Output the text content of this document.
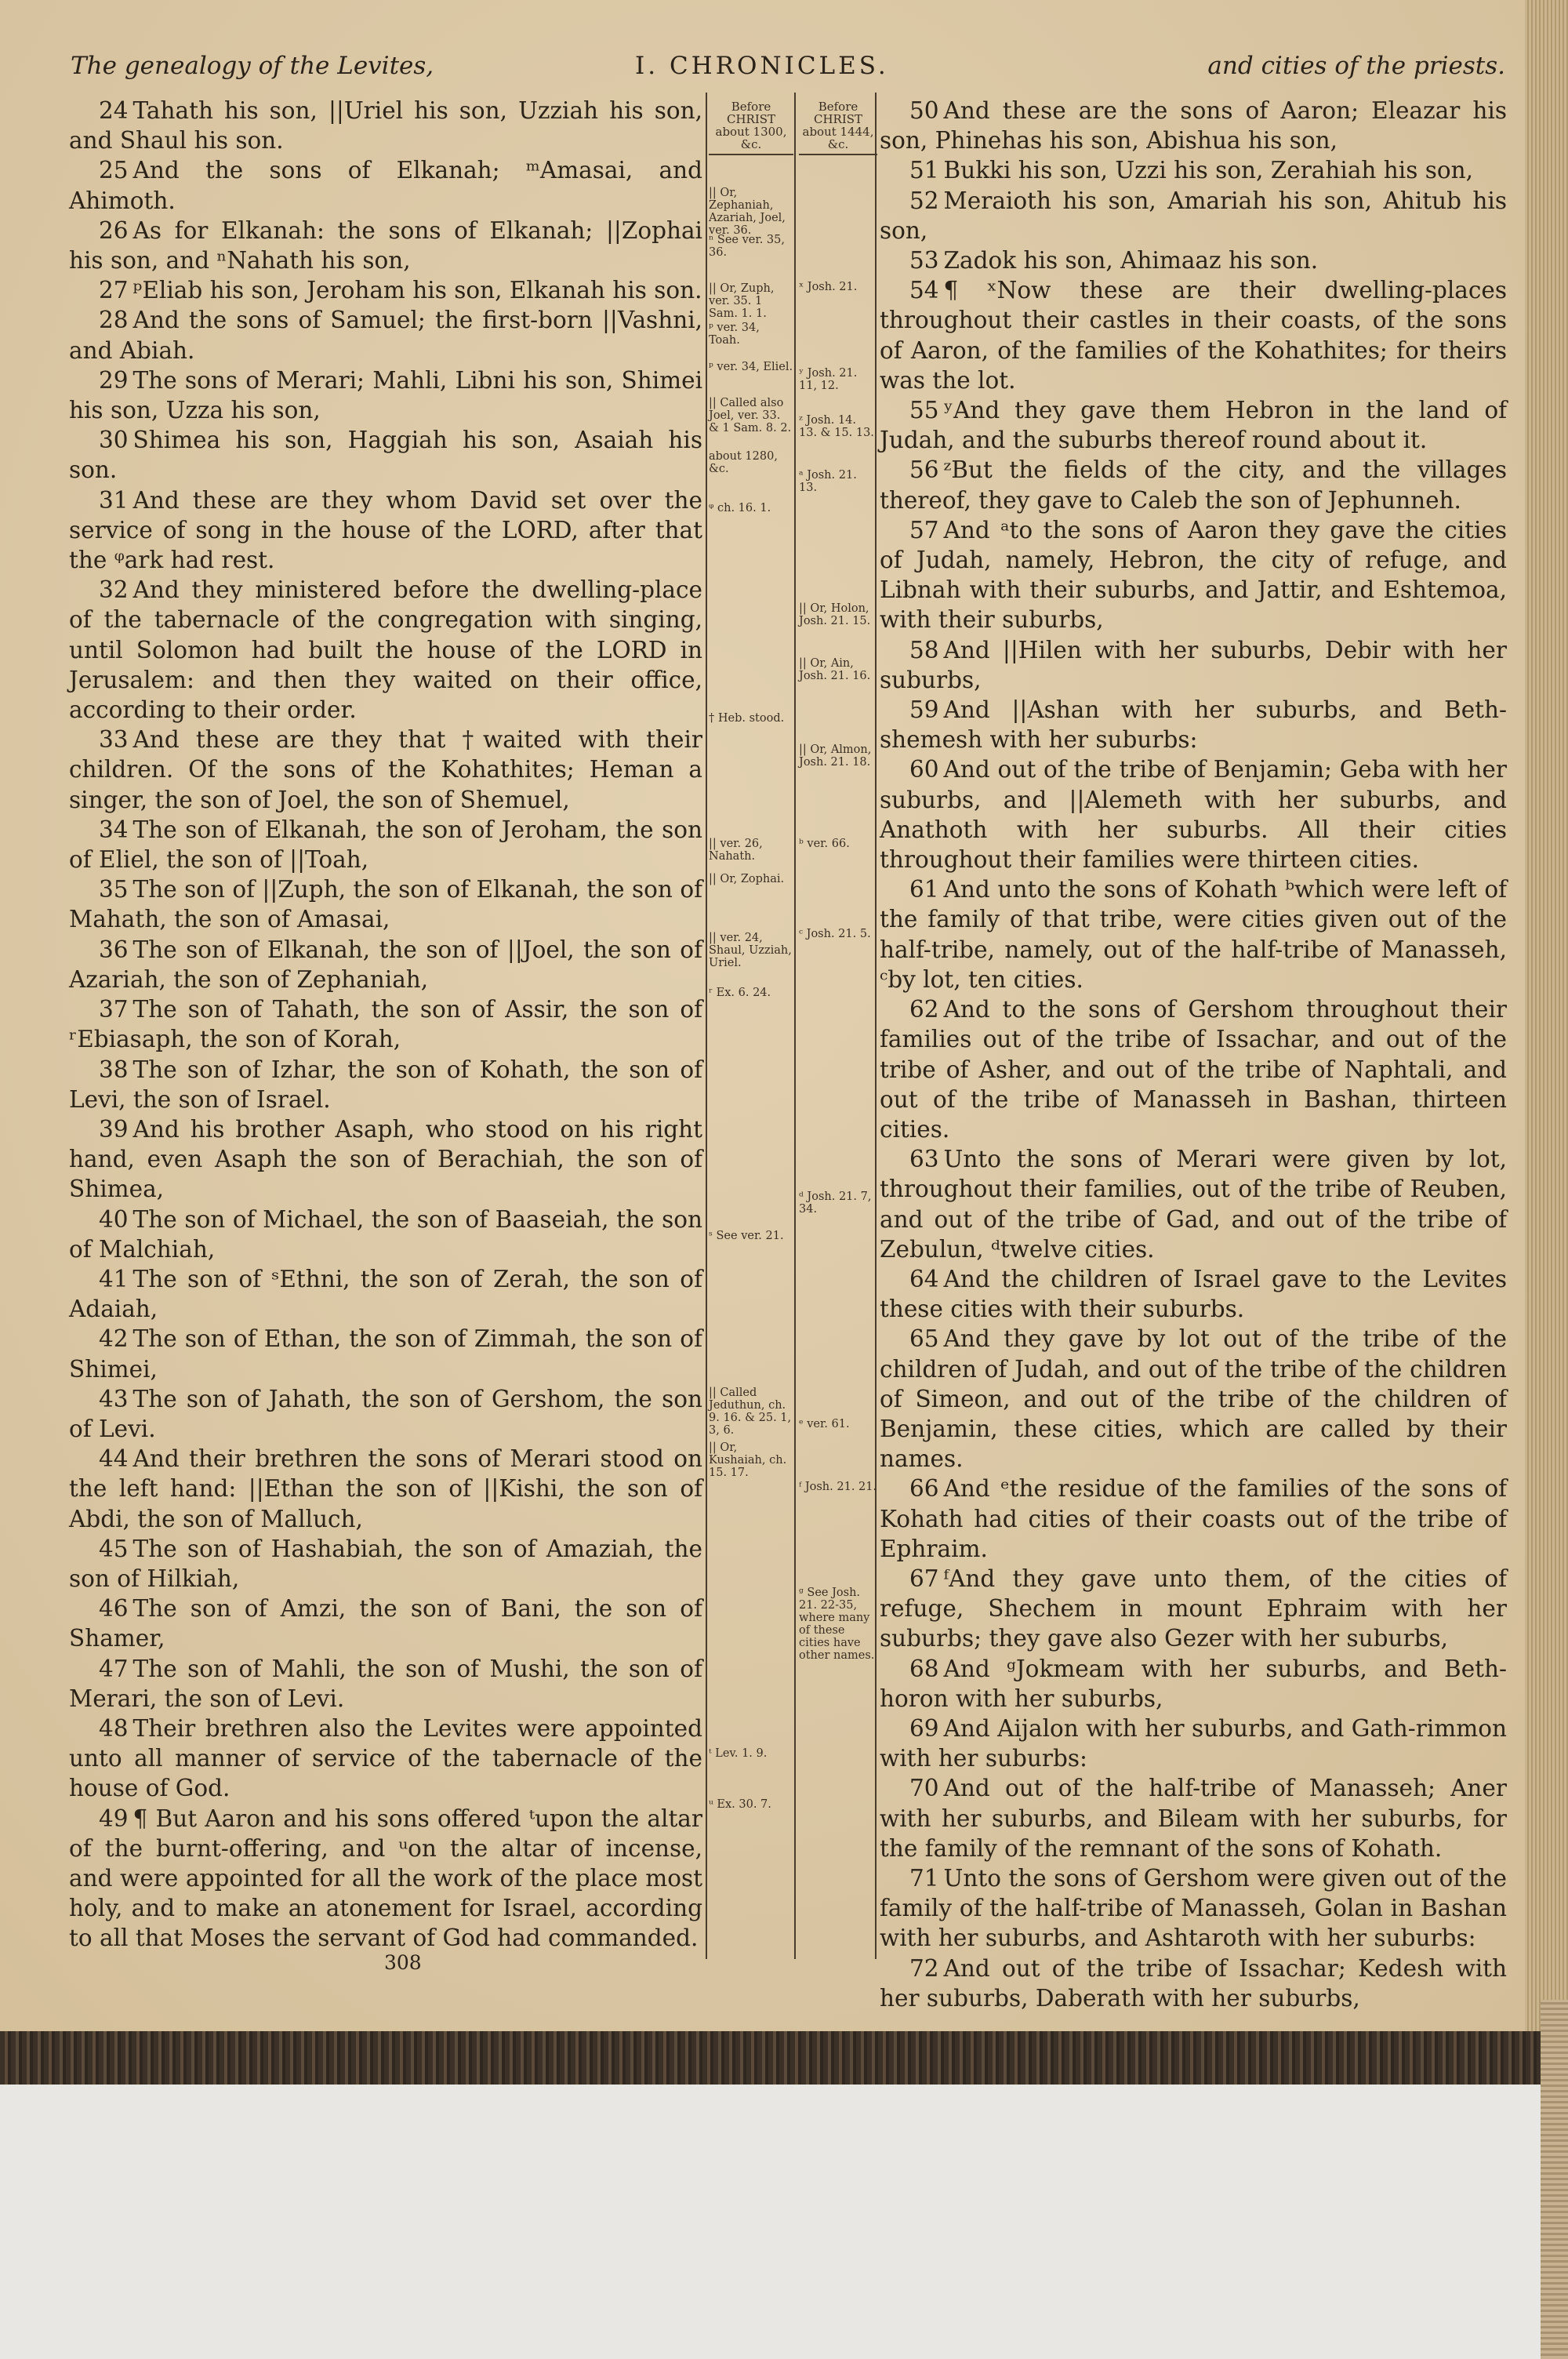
The genealogy of the Levites,	I. CHRONICLES.	and cities of the priests.

24 Tahath his son, ||Uriel his son, Uzziah his son, and Shaul his son.

25 And the sons of Elkanah; ᵐAmasai, and Ahimoth.

26 As for Elkanah: the sons of Elkanah; ||Zophai his son, and ⁿNahath his son,

27 ᵖEliab his son, Jeroham his son, Elkanah his son.

28 And the sons of Samuel; the first-born ||Vashni, and Abiah.

29 The sons of Merari; Mahli, Libni his son, Shimei his son, Uzza his son,

30 Shimea his son, Haggiah his son, Asaiah his son.

31 And these are they whom David set over the service of song in the house of the LORD, after that the ᵠark had rest.

32 And they ministered before the dwelling-place of the tabernacle of the congregation with singing, until Solomon had built the house of the LORD in Jerusalem: and then they waited on their office, according to their order.

33 And these are they that †waited with their children. Of the sons of the Kohathites; Heman a singer, the son of Joel, the son of Shemuel,

34 The son of Elkanah, the son of Jeroham, the son of Eliel, the son of ||Toah,

35 The son of ||Zuph, the son of Elkanah, the son of Mahath, the son of Amasai,

36 The son of Elkanah, the son of ||Joel, the son of Azariah, the son of Zephaniah,

37 The son of Tahath, the son of Assir, the son of ʳEbiasaph, the son of Korah,

38 The son of Izhar, the son of Kohath, the son of Levi, the son of Israel.

39 And his brother Asaph, who stood on his right hand, even Asaph the son of Berachiah, the son of Shimea,

40 The son of Michael, the son of Baaseiah, the son of Malchiah,

41 The son of ˢEthni, the son of Zerah, the son of Adaiah,

42 The son of Ethan, the son of Zimmah, the son of Shimei,

43 The son of Jahath, the son of Gershom, the son of Levi.

44 And their brethren the sons of Merari stood on the left hand: ||Ethan the son of ||Kishi, the son of Abdi, the son of Malluch,

45 The son of Hashabiah, the son of Amaziah, the son of Hilkiah,

46 The son of Amzi, the son of Bani, the son of Shamer,

47 The son of Mahli, the son of Mushi, the son of Merari, the son of Levi.

48 Their brethren also the Levites were appointed unto all manner of service of the tabernacle of the house of God.

49 ¶ But Aaron and his sons offered ᵗupon the altar of the burnt-offering, and ᵘon the altar of incense, and were appointed for all the work of the place most holy, and to make an atonement for Israel, according to all that Moses the servant of God had commanded.

Before
CHRIST
about 1300,
&c.
|| Or, Zephaniah, Azariah, Joel, ver. 36.
ⁿ See ver. 35, 36.
|| Or, Zuph, ver. 35. 1 Sam. 1. 1.
ᵖ ver. 34, Toah.
ᵖ ver. 34, Eliel.
|| Called also Joel, ver. 33. & 1 Sam. 8. 2.
about 1280, &c.
ᵠ ch. 16. 1.
† Heb. stood.
|| ver. 26, Nahath.
|| Or, Zophai.
|| ver. 24, Shaul, Uzziah, Uriel.
ʳ Ex. 6. 24.
ˢ See ver. 21.
|| Called Jeduthun, ch. 9. 16. & 25. 1, 3, 6.
|| Or, Kushaiah, ch. 15. 17.
ᵗ Lev. 1. 9.
ᵘ Ex. 30. 7.
Before
CHRIST
about 1444,
&c.
ˣ Josh. 21.
ʸ Josh. 21. 11, 12.
ᶻ Josh. 14. 13. & 15. 13.
ᵃ Josh. 21. 13.
|| Or, Holon, Josh. 21. 15.
|| Or, Ain, Josh. 21. 16.
|| Or, Almon, Josh. 21. 18.
ᵇ ver. 66.
ᶜ Josh. 21. 5.
ᵈ Josh. 21. 7, 34.
ᵉ ver. 61.
ᶠ Josh. 21. 21.
ᵍ See Josh. 21. 22-35, where many of these cities have other names.

50 And these are the sons of Aaron; Eleazar his son, Phinehas his son, Abishua his son,

51 Bukki his son, Uzzi his son, Zerahiah his son,

52 Meraioth his son, Amariah his son, Ahitub his son,

53 Zadok his son, Ahimaaz his son.

54 ¶ ˣNow these are their dwelling-places throughout their castles in their coasts, of the sons of Aaron, of the families of the Kohathites; for theirs was the lot.

55 ʸAnd they gave them Hebron in the land of Judah, and the suburbs thereof round about it.

56 ᶻBut the fields of the city, and the villages thereof, they gave to Caleb the son of Jephunneh.

57 And ᵃto the sons of Aaron they gave the cities of Judah, namely, Hebron, the city of refuge, and Libnah with their suburbs, and Jattir, and Eshtemoa, with their suburbs,

58 And ||Hilen with her suburbs, Debir with her suburbs,

59 And ||Ashan with her suburbs, and Beth-shemesh with her suburbs:

60 And out of the tribe of Benjamin; Geba with her suburbs, and ||Alemeth with her suburbs, and Anathoth with her suburbs. All their cities throughout their families were thirteen cities.

61 And unto the sons of Kohath ᵇwhich were left of the family of that tribe, were cities given out of the half-tribe, namely, out of the half-tribe of Manasseh, ᶜby lot, ten cities.

62 And to the sons of Gershom throughout their families out of the tribe of Issachar, and out of the tribe of Asher, and out of the tribe of Naphtali, and out of the tribe of Manasseh in Bashan, thirteen cities.

63 Unto the sons of Merari were given by lot, throughout their families, out of the tribe of Reuben, and out of the tribe of Gad, and out of the tribe of Zebulun, ᵈtwelve cities.

64 And the children of Israel gave to the Levites these cities with their suburbs.

65 And they gave by lot out of the tribe of the children of Judah, and out of the tribe of the children of Simeon, and out of the tribe of the children of Benjamin, these cities, which are called by their names.

66 And ᵉthe residue of the families of the sons of Kohath had cities of their coasts out of the tribe of Ephraim.

67 ᶠAnd they gave unto them, of the cities of refuge, Shechem in mount Ephraim with her suburbs; they gave also Gezer with her suburbs,

68 And ᵍJokmeam with her suburbs, and Beth-horon with her suburbs,

69 And Aijalon with her suburbs, and Gath-rimmon with her suburbs:

70 And out of the half-tribe of Manasseh; Aner with her suburbs, and Bileam with her suburbs, for the family of the remnant of the sons of Kohath.

71 Unto the sons of Gershom were given out of the family of the half-tribe of Manasseh, Golan in Bashan with her suburbs, and Ashtaroth with her suburbs:

72 And out of the tribe of Issachar; Kedesh with her suburbs, Daberath with her suburbs,

308
